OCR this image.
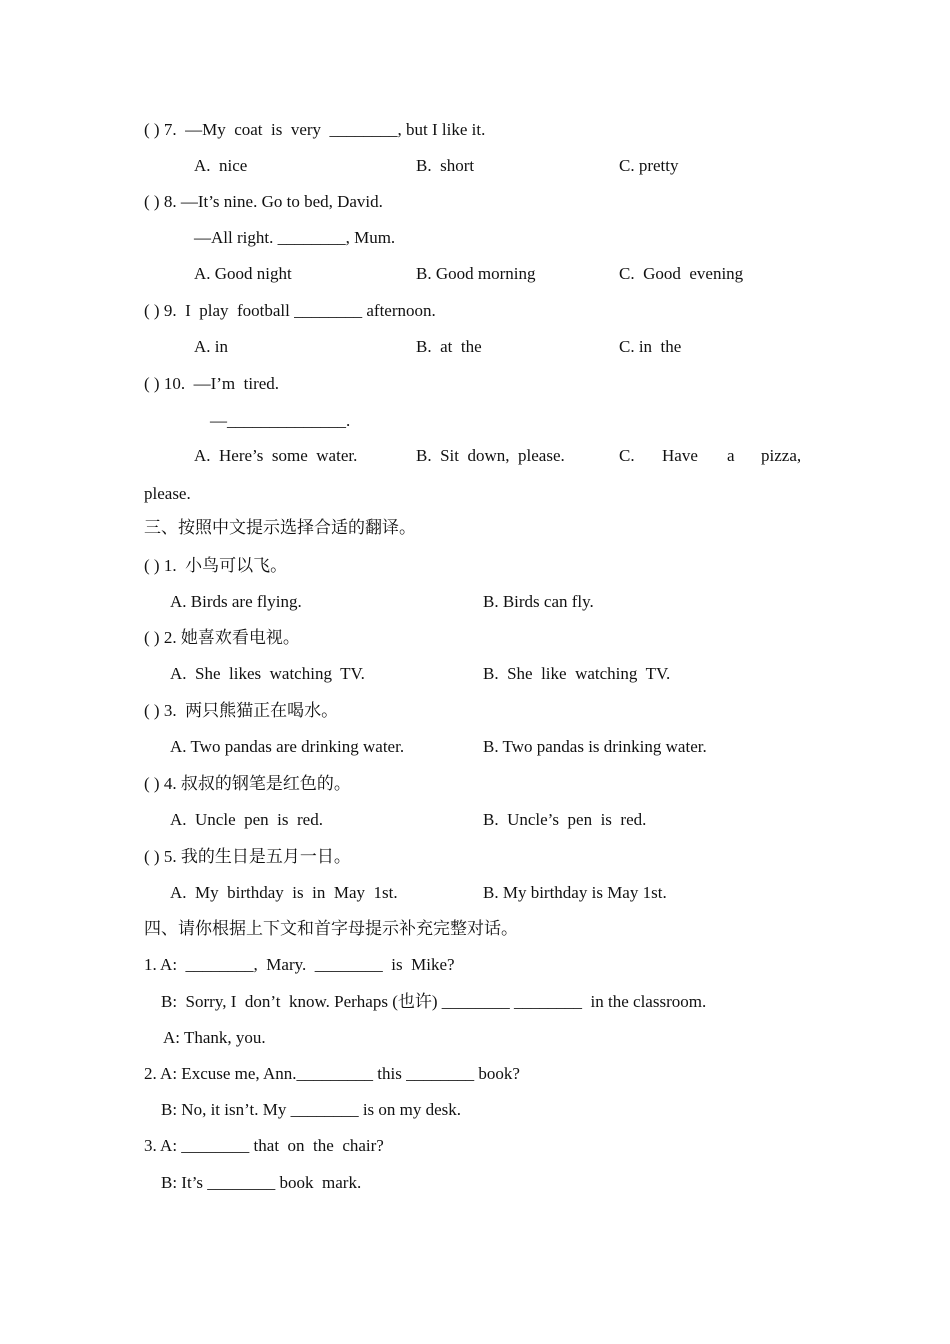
( ) 7.  —My  coat  is  very  ________, but I like it.
A.  nice	B.  short	C. pretty
( ) 8. —It’s nine. Go to bed, David.
—All right. ________, Mum.
A. Good night	B. Good morning	C.  Good  evening
( ) 9.  I  play  football ________ afternoon.
A. in	B.  at  the	C. in  the
( ) 10.  —I’m  tired.
—______________.
A.  Here’s  some  water.	B.  Sit  down,  please.	C. Have a pizza,
please.
三、按照中文提示选择合适的翻译。
( ) 1.  小鸟可以飞。
A. Birds are flying.	B. Birds can fly.
( ) 2. 她喜欢看电视。
A.  She  likes  watching  TV.	B.  She  like  watching  TV.
( ) 3.  两只熊猫正在喝水。
A. Two pandas are drinking water.	B. Two pandas is drinking water.
( ) 4. 叔叔的钢笔是红色的。
A.  Uncle  pen  is  red.	B.  Uncle’s  pen  is  red.
( ) 5. 我的生日是五月一日。
A.  My  birthday  is  in  May  1st.	B. My birthday is May 1st.
四、请你根据上下文和首字母提示补充完整对话。
1. A:  ________,  Mary.  ________  is  Mike?
B:  Sorry, I  don’t  know. Perhaps (也许) ________ ________  in the classroom.
A: Thank, you.
2. A: Excuse me, Ann._________ this ________ book?
B: No, it isn’t. My ________ is on my desk.
3. A: ________ that  on  the  chair?
B: It’s ________ book  mark.
